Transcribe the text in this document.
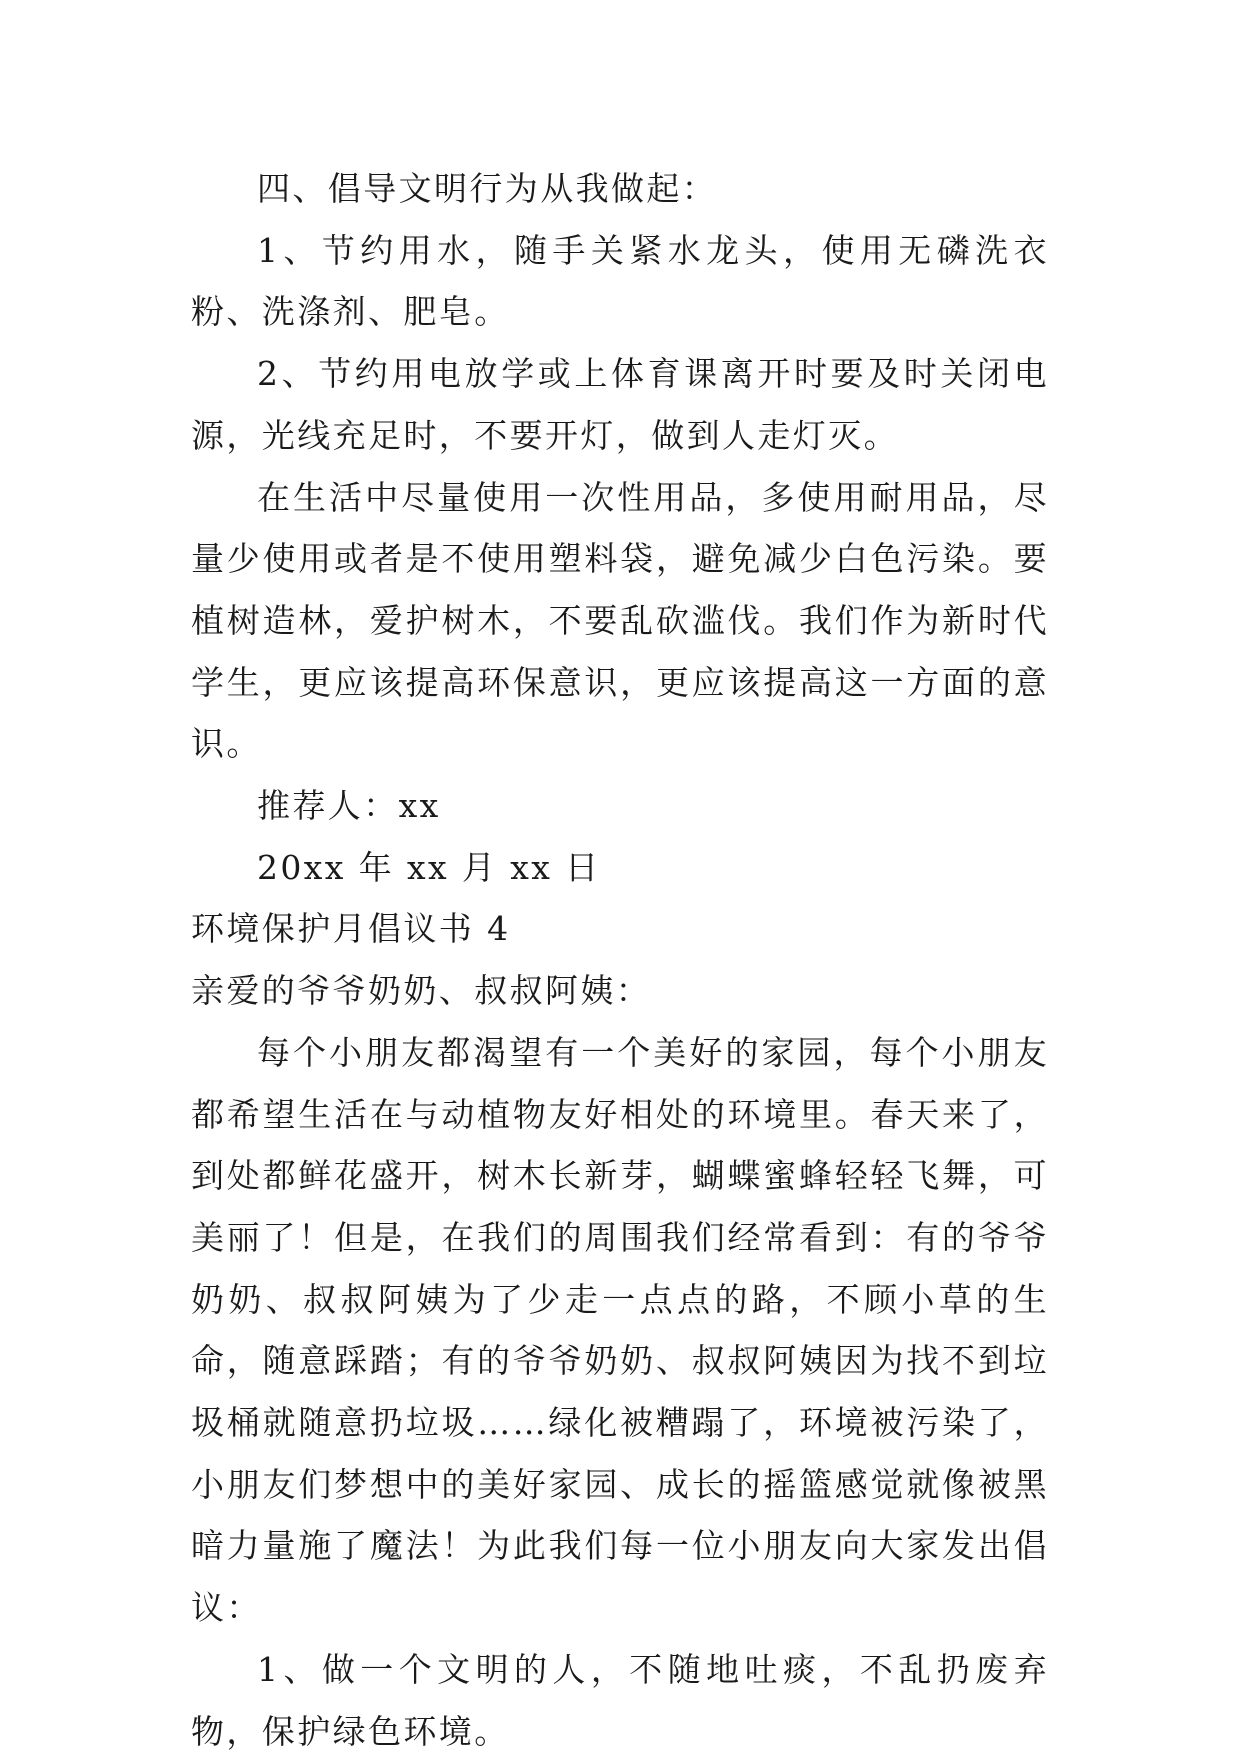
四、倡导文明行为从我做起：

1、节约用水，随手关紧水龙头，使用无磷洗衣粉、洗涤剂、肥皂。

2、节约用电放学或上体育课离开时要及时关闭电源，光线充足时，不要开灯，做到人走灯灭。

在生活中尽量使用一次性用品，多使用耐用品，尽量少使用或者是不使用塑料袋，避免减少白色污染。要植树造林，爱护树木，不要乱砍滥伐。我们作为新时代学生，更应该提高环保意识，更应该提高这一方面的意识。

推荐人：xx

20xx 年 xx 月 xx 日

环境保护月倡议书 4

亲爱的爷爷奶奶、叔叔阿姨：

每个小朋友都渴望有一个美好的家园，每个小朋友都希望生活在与动植物友好相处的环境里。春天来了，到处都鲜花盛开，树木长新芽，蝴蝶蜜蜂轻轻飞舞，可美丽了！但是，在我们的周围我们经常看到：有的爷爷奶奶、叔叔阿姨为了少走一点点的路，不顾小草的生命，随意踩踏；有的爷爷奶奶、叔叔阿姨因为找不到垃圾桶就随意扔垃圾……绿化被糟蹋了，环境被污染了，小朋友们梦想中的美好家园、成长的摇篮感觉就像被黑暗力量施了魔法！为此我们每一位小朋友向大家发出倡议：

1、做一个文明的人，不随地吐痰，不乱扔废弃物，保护绿色环境。
